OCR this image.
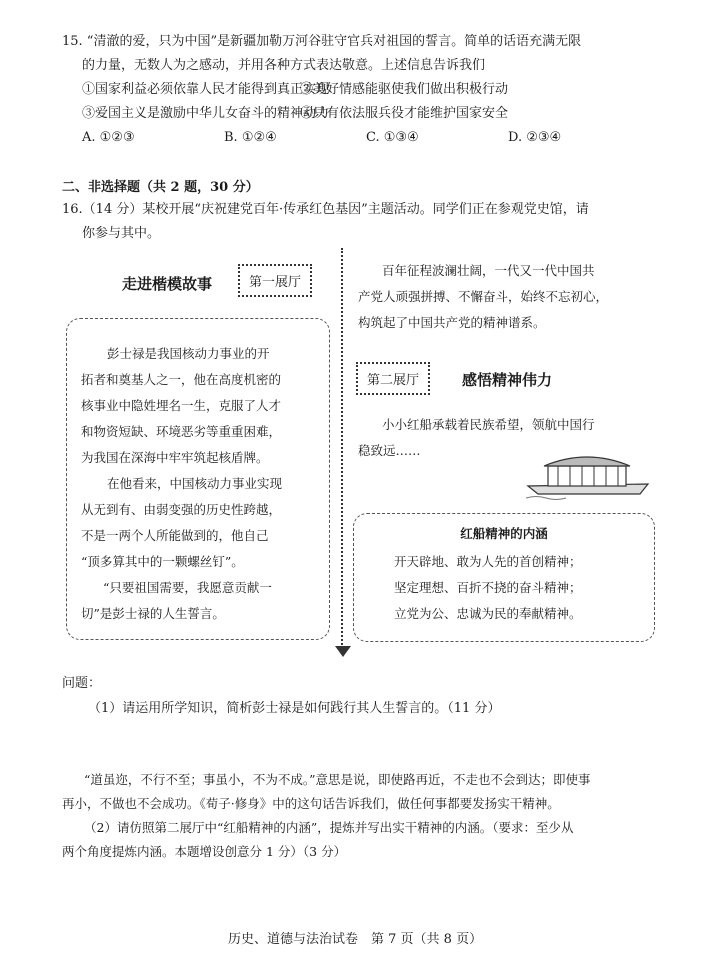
15. “清澈的爱，只为中国”是新疆加勒万河谷驻守官兵对祖国的誓言。简单的话语充满无限
的力量，无数人为之感动，并用各种方式表达敬意。上述信息告诉我们
①国家利益必须依靠人民才能得到真正实现
②美好情感能驱使我们做出积极行动
③爱国主义是激励中华儿女奋斗的精神动力
④只有依法服兵役才能维护国家安全
A. ①②③	B. ①②④	C. ①③④	D. ②③④
二、非选择题（共 2 题，30 分）
16.（14 分）某校开展“庆祝建党百年·传承红色基因”主题活动。同学们正在参观党史馆，请
你参与其中。
走进楷模故事	第一展厅
彭士禄是我国核动力事业的开
拓者和奠基人之一，他在高度机密的
核事业中隐姓埋名一生，克服了人才
和物资短缺、环境恶劣等重重困难，
为我国在深海中牢牢筑起核盾牌。
在他看来，中国核动力事业实现
从无到有、由弱变强的历史性跨越，
不是一两个人所能做到的，他自己
“顶多算其中的一颗螺丝钉”。
“只要祖国需要，我愿意贡献一
切”是彭士禄的人生誓言。
百年征程波澜壮阔，一代又一代中国共
产党人顽强拼搏、不懈奋斗，始终不忘初心，
构筑起了中国共产党的精神谱系。
第二展厅	感悟精神伟力
小小红船承载着民族希望，领航中国行
稳致远……
红船精神的内涵
开天辟地、敢为人先的首创精神；
坚定理想、百折不挠的奋斗精神；
立党为公、忠诚为民的奉献精神。
问题：
（1）请运用所学知识，简析彭士禄是如何践行其人生誓言的。（11 分）
“道虽迩，不行不至；事虽小，不为不成。”意思是说，即使路再近，不走也不会到达；即使事
再小，不做也不会成功。《荀子·修身》中的这句话告诉我们，做任何事都要发扬实干精神。
（2）请仿照第二展厅中“红船精神的内涵”，提炼并写出实干精神的内涵。（要求：至少从
两个角度提炼内涵。本题增设创意分 1 分）（3 分）
历史、道德与法治试卷　第 7 页（共 8 页）
